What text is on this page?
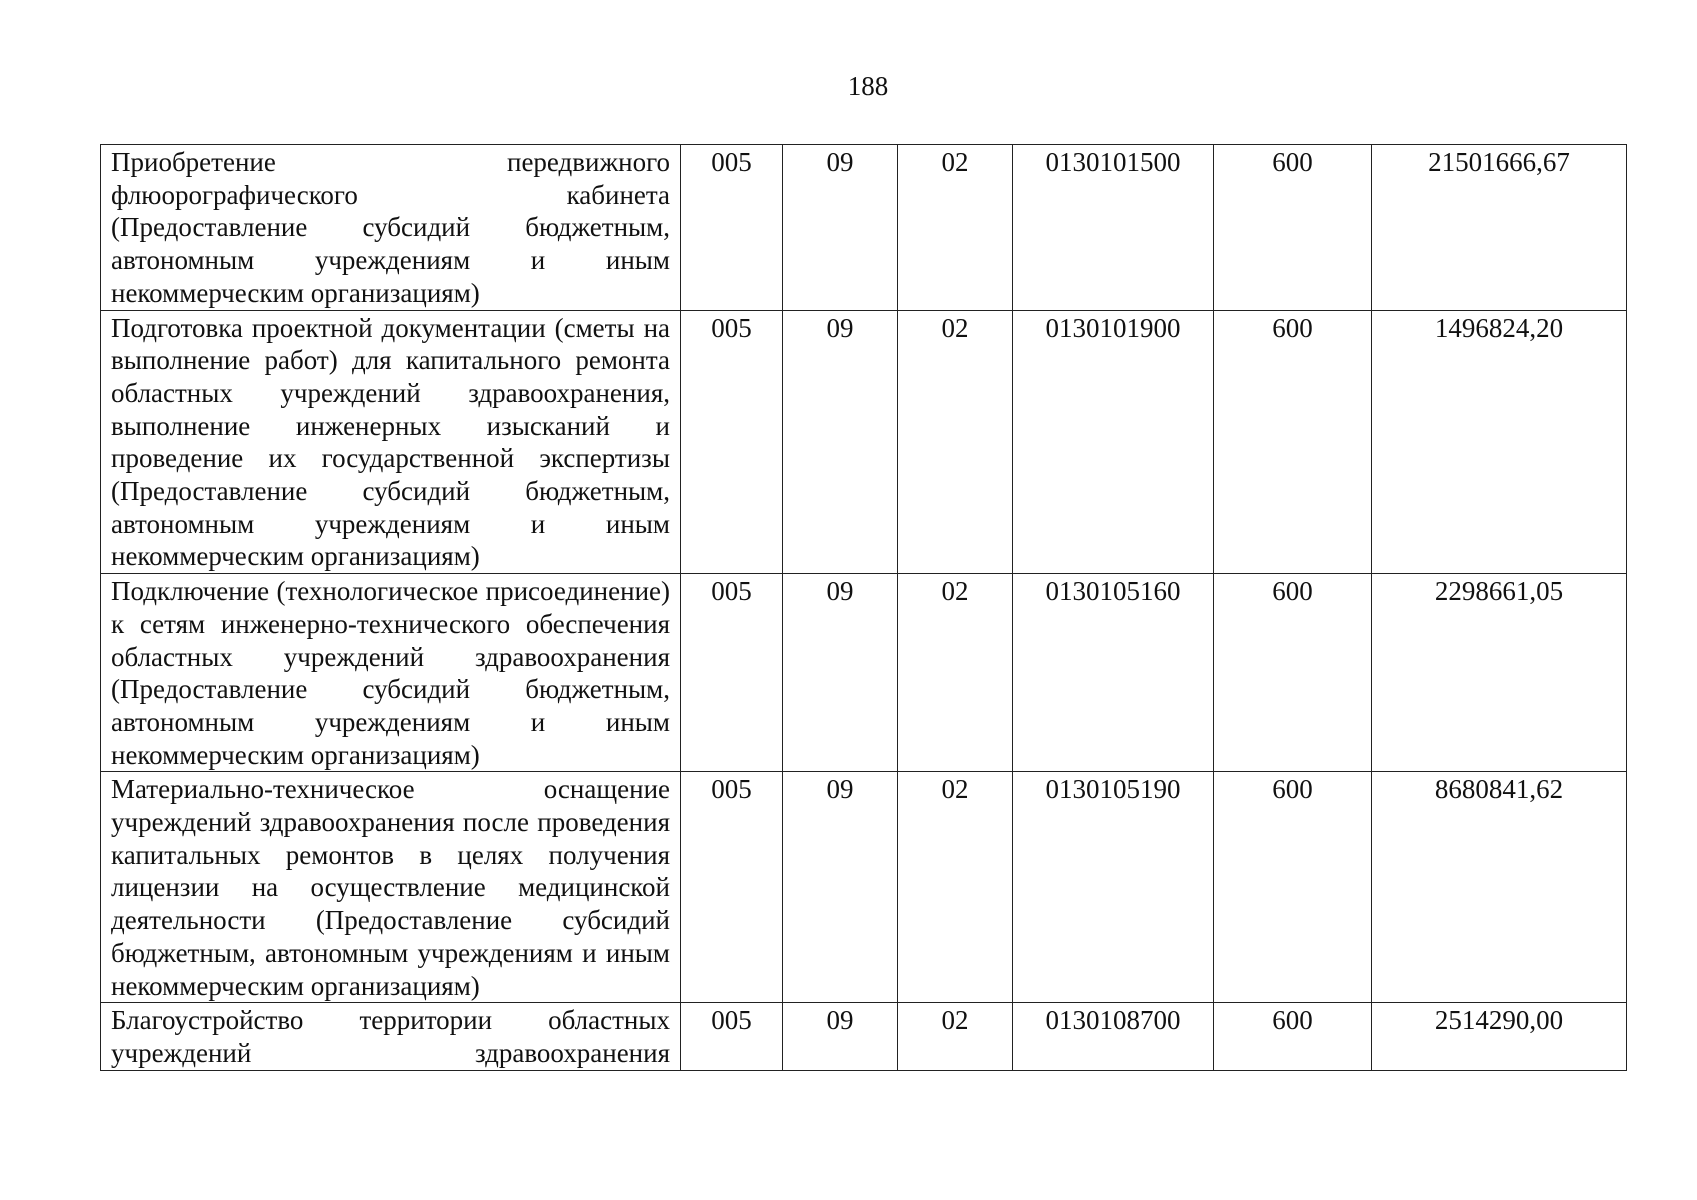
188
Приобретение передвижного флюорографического кабинета (Предоставление субсидий бюджетным, автономным учреждениям и иным некоммерческим организациям)	005	09	02	0130101500	600	21501666,67
Подготовка проектной документации (сметы на выполнение работ) для капитального ремонта областных учреждений здравоохранения, выполнение инженерных изысканий и проведение их государственной экспертизы (Предоставление субсидий бюджетным, автономным учреждениям и иным некоммерческим организациям)	005	09	02	0130101900	600	1496824,20
Подключение (технологическое присоединение) к сетям инженерно-технического обеспечения областных учреждений здравоохранения (Предоставление субсидий бюджетным, автономным учреждениям и иным некоммерческим организациям)	005	09	02	0130105160	600	2298661,05
Материально-техническое оснащение учреждений здравоохранения после проведения капитальных ремонтов в целях получения лицензии на осуществление медицинской деятельности (Предоставление субсидий бюджетным, автономным учреждениям и иным некоммерческим организациям)	005	09	02	0130105190	600	8680841,62
Благоустройство территории областных учреждений здравоохранения	005	09	02	0130108700	600	2514290,00
